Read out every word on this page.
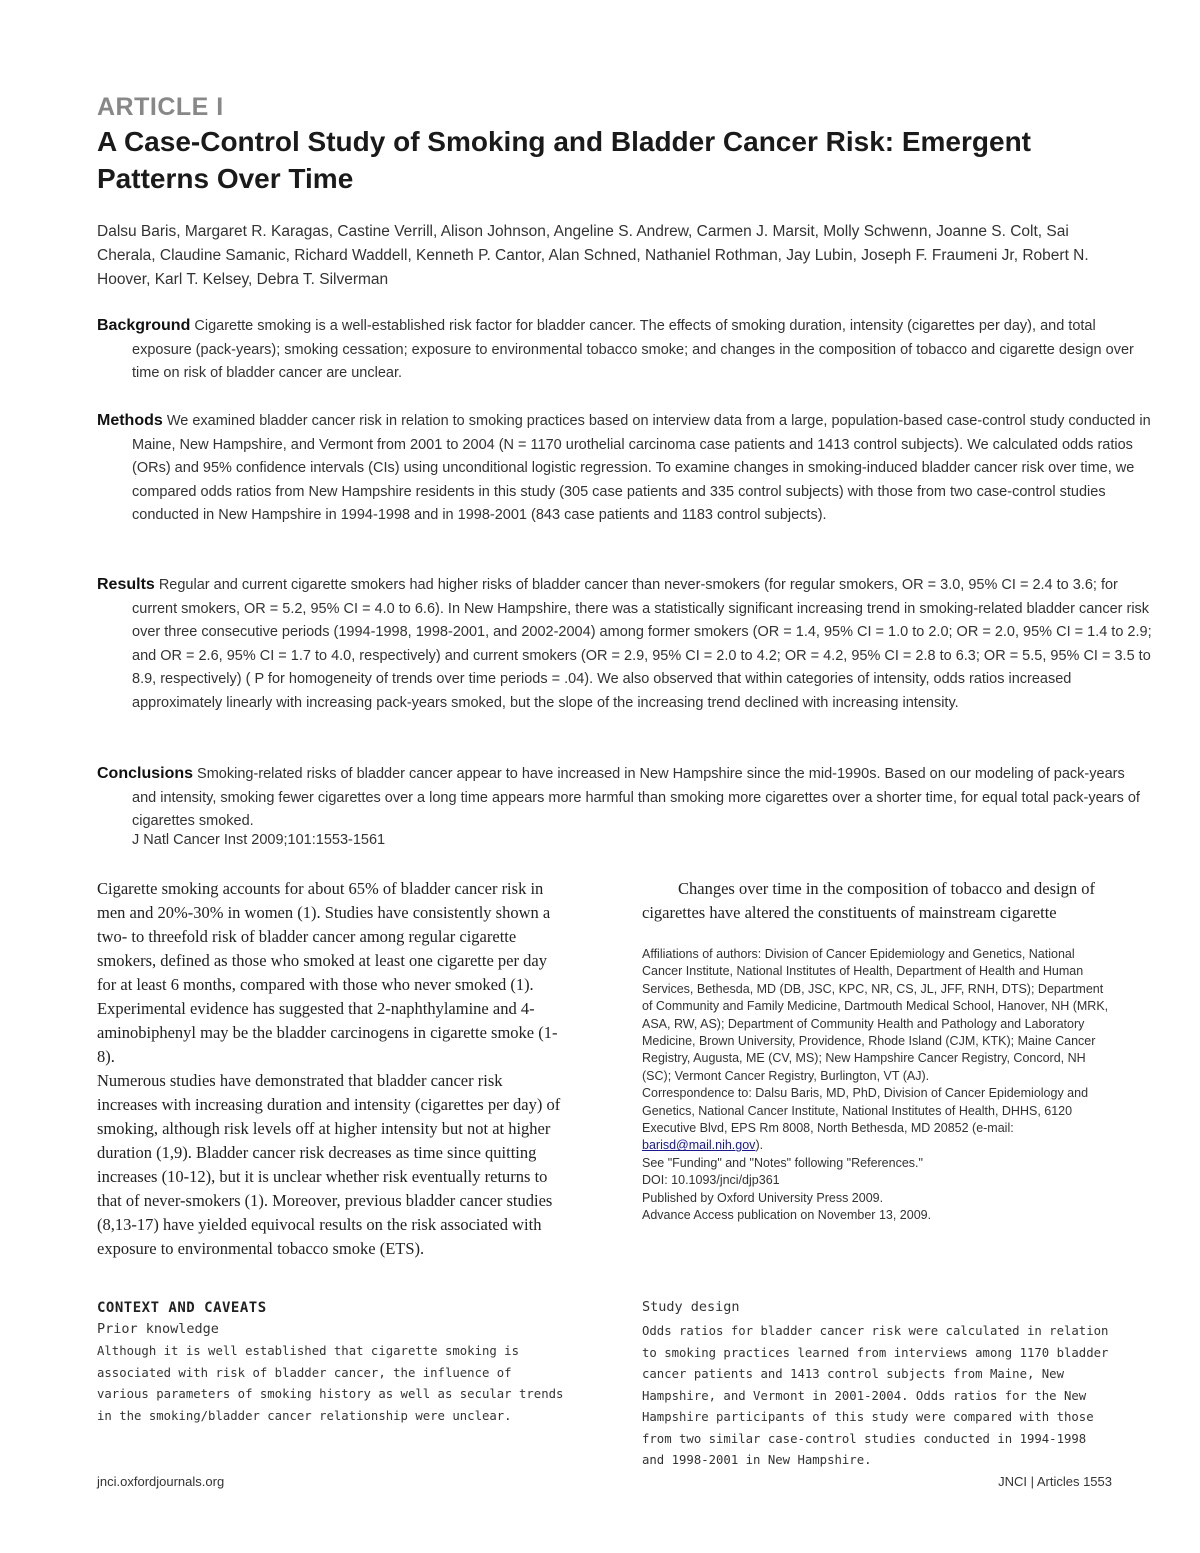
ARTICLE I
A Case-Control Study of Smoking and Bladder Cancer Risk: Emergent Patterns Over Time
Dalsu Baris, Margaret R. Karagas, Castine Verrill, Alison Johnson, Angeline S. Andrew, Carmen J. Marsit, Molly Schwenn, Joanne S. Colt, Sai Cherala, Claudine Samanic, Richard Waddell, Kenneth P. Cantor, Alan Schned, Nathaniel Rothman, Jay Lubin, Joseph F. Fraumeni Jr, Robert N. Hoover, Karl T. Kelsey, Debra T. Silverman
Background Cigarette smoking is a well-established risk factor for bladder cancer. The effects of smoking duration, intensity (cigarettes per day), and total exposure (pack-years); smoking cessation; exposure to environmental tobacco smoke; and changes in the composition of tobacco and cigarette design over time on risk of bladder cancer are unclear.
Methods We examined bladder cancer risk in relation to smoking practices based on interview data from a large, population-based case-control study conducted in Maine, New Hampshire, and Vermont from 2001 to 2004 (N = 1170 urothelial carcinoma case patients and 1413 control subjects). We calculated odds ratios (ORs) and 95% confidence intervals (CIs) using unconditional logistic regression. To examine changes in smoking-induced bladder cancer risk over time, we compared odds ratios from New Hampshire residents in this study (305 case patients and 335 control subjects) with those from two case-control studies conducted in New Hampshire in 1994-1998 and in 1998-2001 (843 case patients and 1183 control subjects).
Results Regular and current cigarette smokers had higher risks of bladder cancer than never-smokers (for regular smokers, OR = 3.0, 95% CI = 2.4 to 3.6; for current smokers, OR = 5.2, 95% CI = 4.0 to 6.6). In New Hampshire, there was a statistically significant increasing trend in smoking-related bladder cancer risk over three consecutive periods (1994-1998, 1998-2001, and 2002-2004) among former smokers (OR = 1.4, 95% CI = 1.0 to 2.0; OR = 2.0, 95% CI = 1.4 to 2.9; and OR = 2.6, 95% CI = 1.7 to 4.0, respectively) and current smokers (OR = 2.9, 95% CI = 2.0 to 4.2; OR = 4.2, 95% CI = 2.8 to 6.3; OR = 5.5, 95% CI = 3.5 to 8.9, respectively) ( P for homogeneity of trends over time periods = .04). We also observed that within categories of intensity, odds ratios increased approximately linearly with increasing pack-years smoked, but the slope of the increasing trend declined with increasing intensity.
Conclusions Smoking-related risks of bladder cancer appear to have increased in New Hampshire since the mid-1990s. Based on our modeling of pack-years and intensity, smoking fewer cigarettes over a long time appears more harmful than smoking more cigarettes over a shorter time, for equal total pack-years of cigarettes smoked.
J Natl Cancer Inst 2009;101:1553-1561

Cigarette smoking accounts for about 65% of bladder cancer risk in men and 20%-30% in women (1). Studies have consistently shown a two- to threefold risk of bladder cancer among regular cigarette smokers, defined as those who smoked at least one cigarette per day for at least 6 months, compared with those who never smoked (1). Experimental evidence has suggested that 2-naphthylamine and 4-aminobiphenyl may be the bladder carcinogens in cigarette smoke (1-8).

Numerous studies have demonstrated that bladder cancer risk increases with increasing duration and intensity (cigarettes per day) of smoking, although risk levels off at higher intensity but not at higher duration (1,9). Bladder cancer risk decreases as time since quitting increases (10-12), but it is unclear whether risk eventually returns to that of never-smokers (1). Moreover, previous bladder cancer studies (8,13-17) have yielded equivocal results on the risk associated with exposure to environmental tobacco smoke (ETS).

Changes over time in the composition of tobacco and design of cigarettes have altered the constituents of mainstream cigarette

Affiliations of authors: Division of Cancer Epidemiology and Genetics, National Cancer Institute, National Institutes of Health, Department of Health and Human Services, Bethesda, MD (DB, JSC, KPC, NR, CS, JL, JFF, RNH, DTS); Department of Community and Family Medicine, Dartmouth Medical School, Hanover, NH (MRK, ASA, RW, AS); Department of Community Health and Pathology and Laboratory Medicine, Brown University, Providence, Rhode Island (CJM, KTK); Maine Cancer Registry, Augusta, ME (CV, MS); New Hampshire Cancer Registry, Concord, NH (SC); Vermont Cancer Registry, Burlington, VT (AJ).
Correspondence to: Dalsu Baris, MD, PhD, Division of Cancer Epidemiology and Genetics, National Cancer Institute, National Institutes of Health, DHHS, 6120 Executive Blvd, EPS Rm 8008, North Bethesda, MD 20852 (e-mail:
barisd@mail.nih.gov).
See "Funding" and "Notes" following "References."
DOI: 10.1093/jnci/djp361
Published by Oxford University Press 2009.
Advance Access publication on November 13, 2009.
CONTEXT AND CAVEATS
Prior knowledge
Although it is well established that cigarette smoking is associated with risk of bladder cancer, the influence of various parameters of smoking history as well as secular trends in the smoking/bladder cancer relationship were unclear.
Study design
Odds ratios for bladder cancer risk were calculated in relation to smoking practices learned from interviews among 1170 bladder cancer patients and 1413 control subjects from Maine, New Hampshire, and Vermont in 2001-2004. Odds ratios for the New Hampshire participants of this study were compared with those from two similar case-control studies conducted in 1994-1998 and 1998-2001 in New Hampshire.
jnci.oxfordjournals.org	JNCI | Articles 1553
